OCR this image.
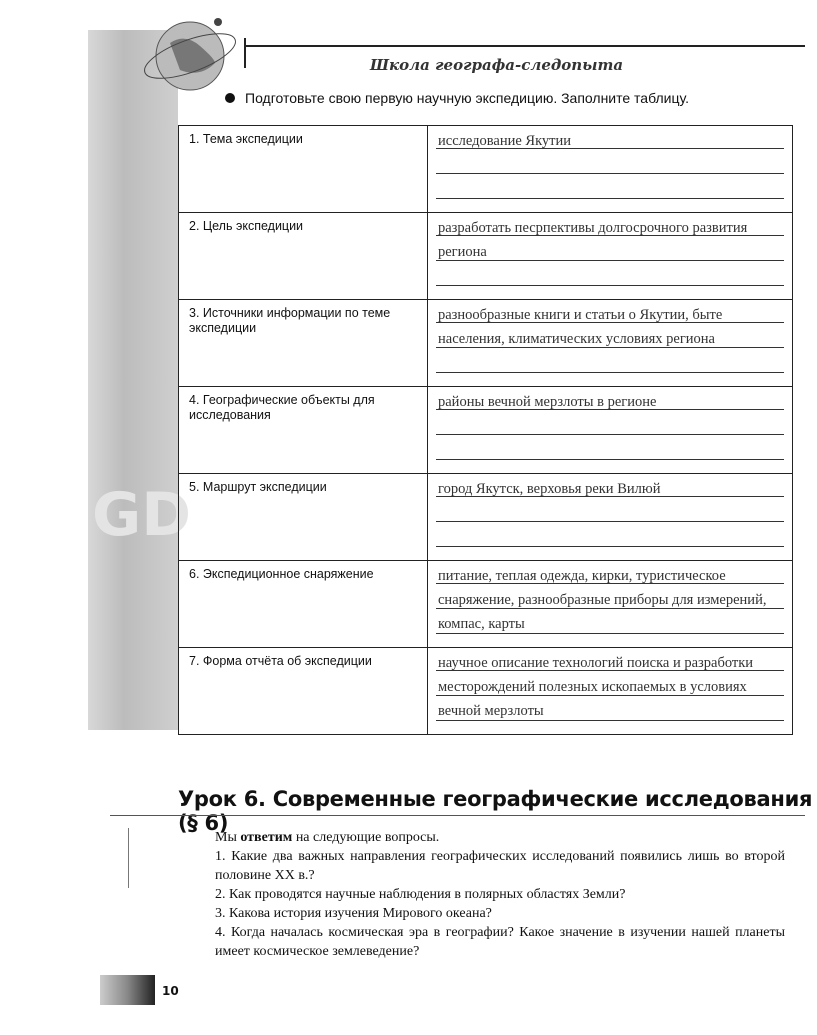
GD
Школа географа-следопыта
Подготовьте свою первую научную экспедицию. Заполните таблицу.
1. Тема экспедиции	исследование Якутии

2. Цель экспедиции	разработать песрпективы долгосрочного развития региона

3. Источники информации по теме экспедиции	разнообразные книги и статьи о Якутии, быте населения, климатических условиях региона

4. Географические объекты для исследования	районы вечной мерзлоты в регионе

5. Маршрут экспедиции	город Якутск, верховья реки Вилюй

6. Экспедиционное снаряжение	питание, теплая одежда, кирки, туристическое снаряжение, разнообразные приборы для измерений, компас, карты

7. Форма отчёта об экспедиции	научное описание технологий поиска и разработки месторождений полезных ископаемых в условиях вечной мерзлоты
Урок 6. Современные географические исследования (§ 6)

Мы ответим на следующие вопросы.

1. Какие два важных направления географических исследований появились лишь во второй половине XX в.?

2. Как проводятся научные наблюдения в полярных областях Земли?

3. Какова история изучения Мирового океана?

4. Когда началась космическая эра в географии? Какое значение в изучении нашей планеты имеет космическое землеведение?

10
